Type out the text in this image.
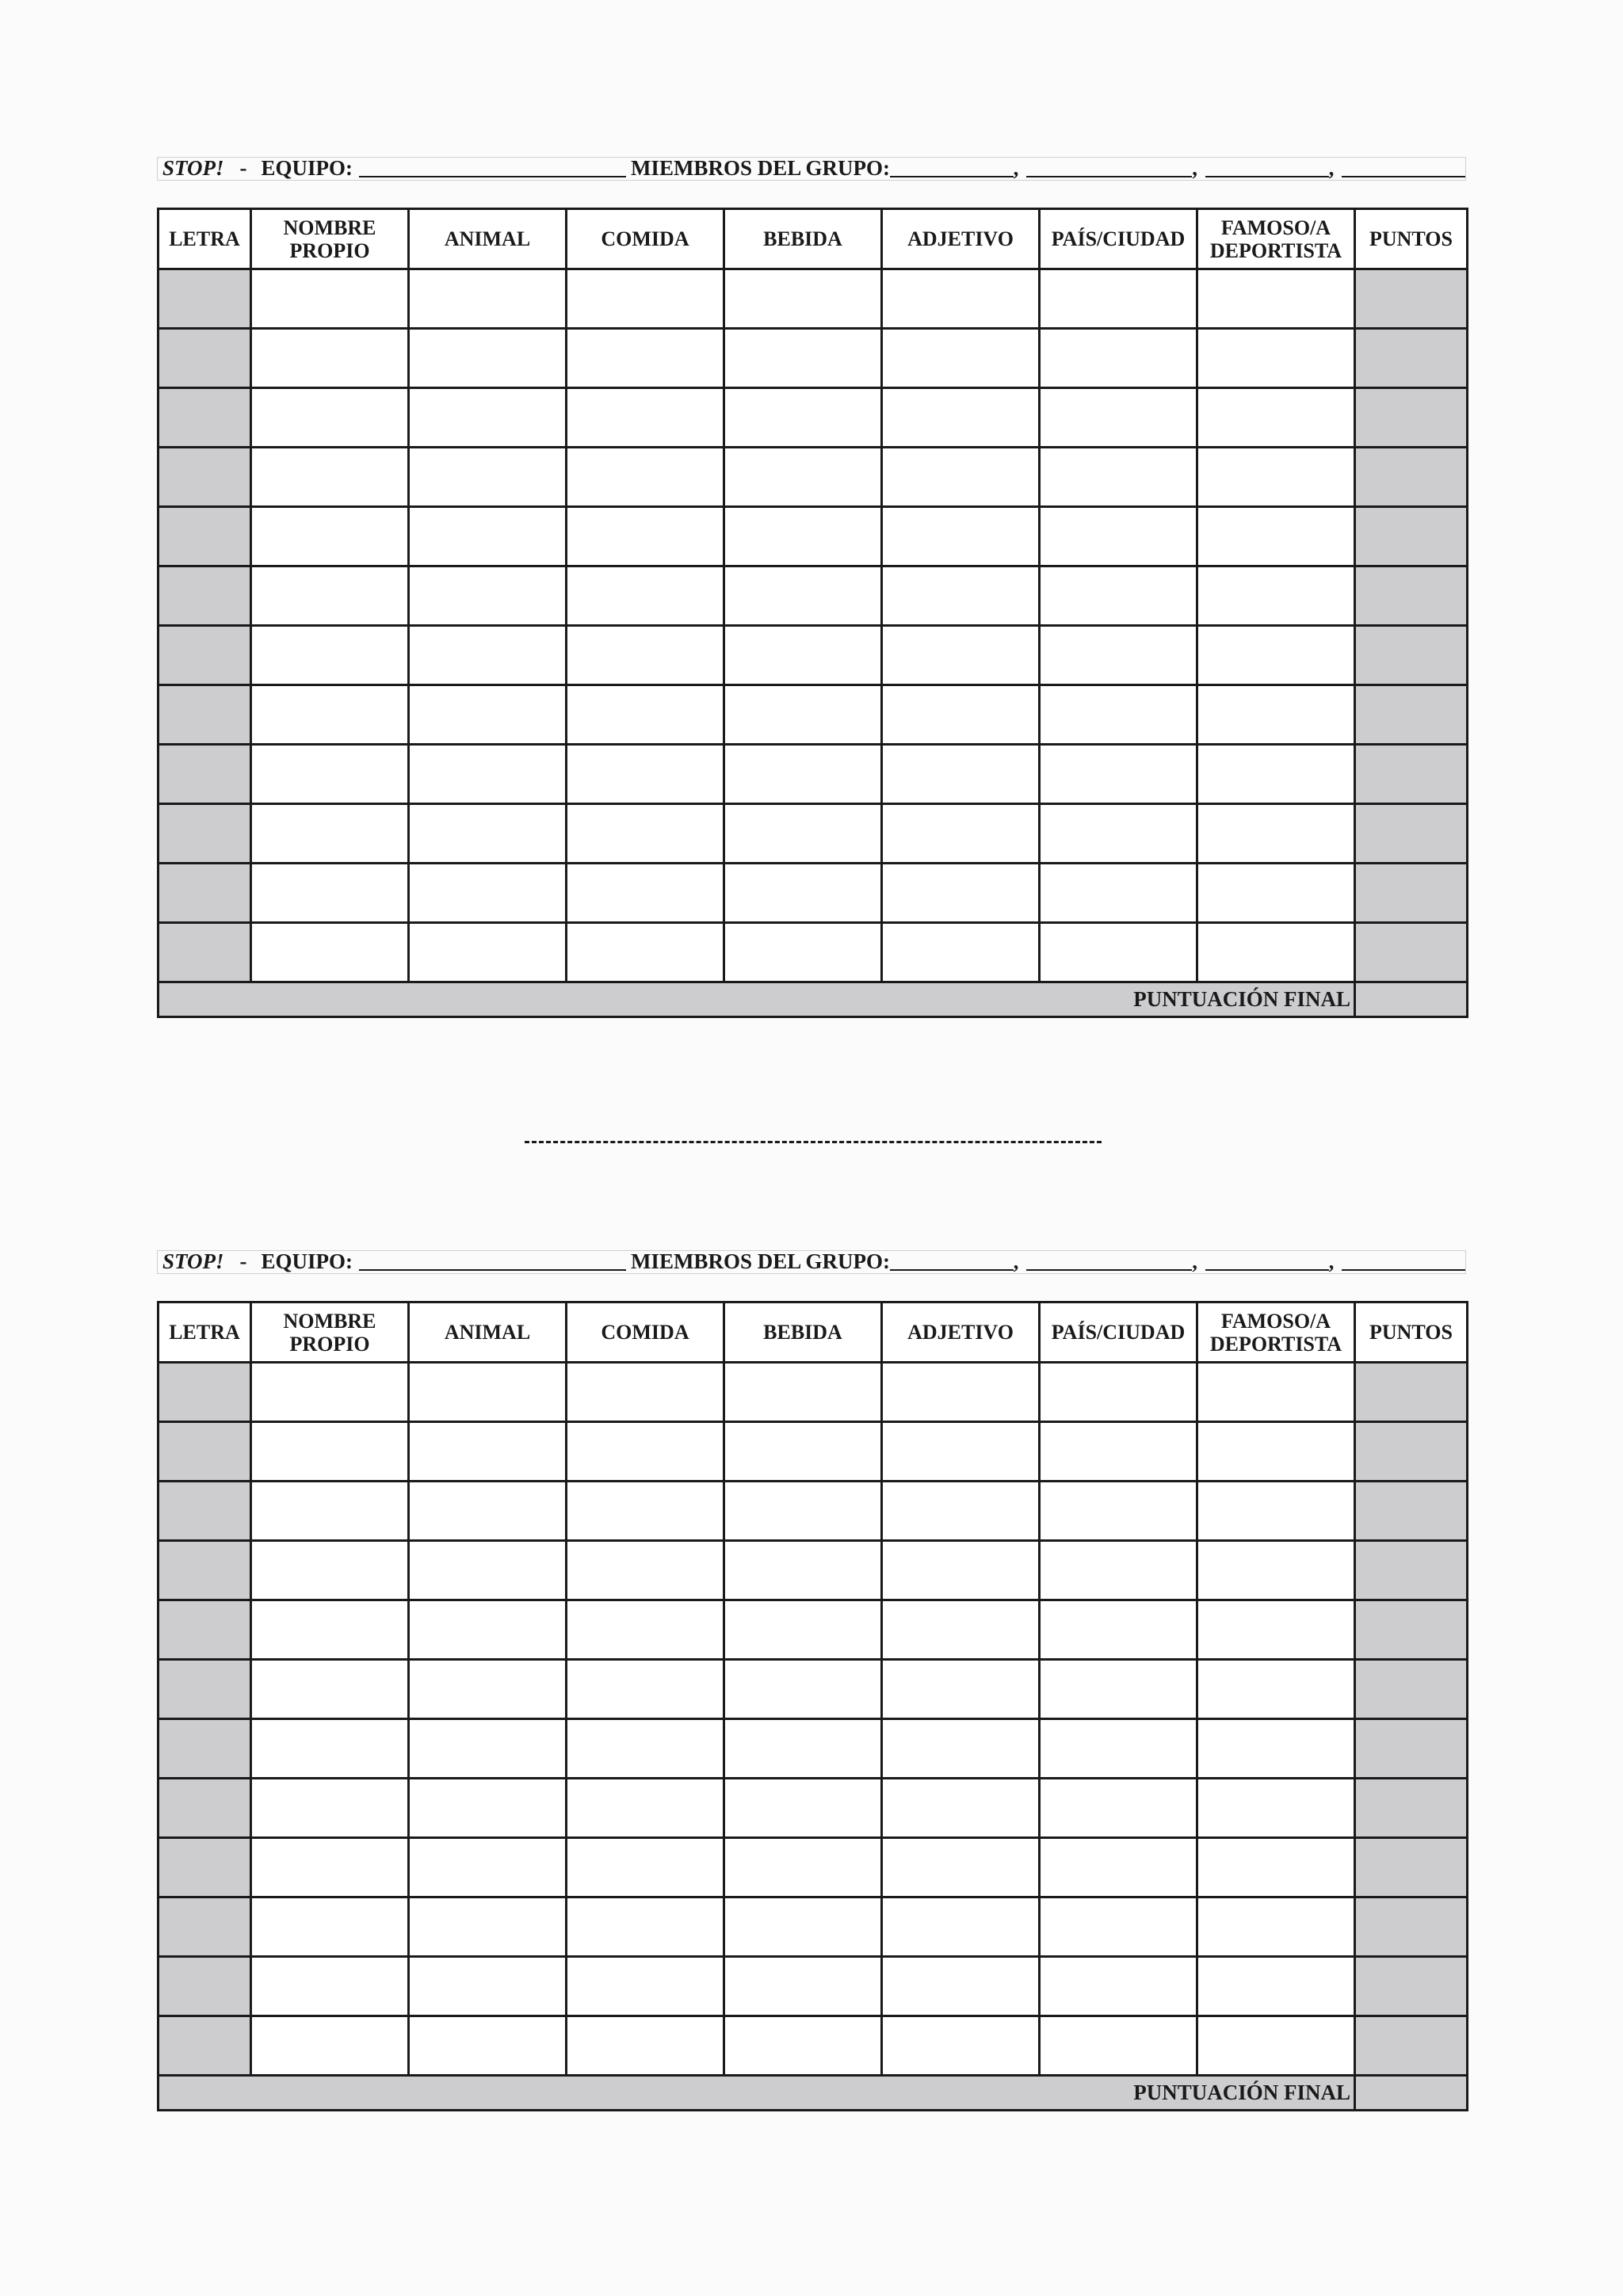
STOP! - EQUIPO:	MIEMBROS DEL GRUPO:	,	,	,
LETRA	NOMBRE PROPIO	ANIMAL	COMIDA	BEBIDA	ADJETIVO	PAÍS/CIUDAD	FAMOSO/A DEPORTISTA	PUNTOS

PUNTUACIÓN FINAL								
STOP! - EQUIPO:	MIEMBROS DEL GRUPO:	,	,	,
LETRA	NOMBRE PROPIO	ANIMAL	COMIDA	BEBIDA	ADJETIVO	PAÍS/CIUDAD	FAMOSO/A DEPORTISTA	PUNTOS

PUNTUACIÓN FINAL								
